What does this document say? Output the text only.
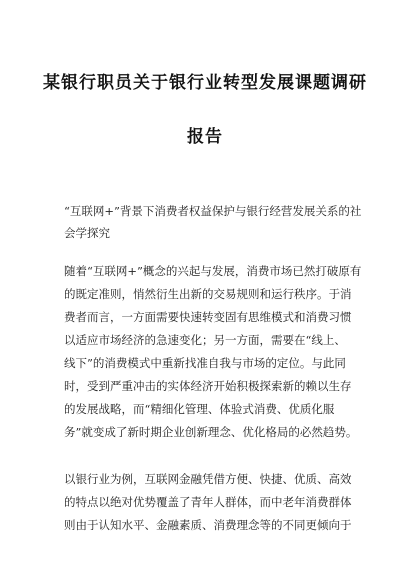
某银行职员关于银行业转型发展课题调研
报告
“互联网+”背景下消费者权益保护与银行经营发展关系的社
会学探究
随着“互联网+”概念的兴起与发展，消费市场已然打破原有
的既定准则，悄然衍生出新的交易规则和运行秩序。于消
费者而言，一方面需要快速转变固有思维模式和消费习惯
以适应市场经济的急速变化；另一方面，需要在“线上、
线下”的消费模式中重新找准自我与市场的定位。与此同
时，受到严重冲击的实体经济开始积极探索新的赖以生存
的发展战略，而“精细化管理、体验式消费、优质化服
务”就变成了新时期企业创新理念、优化格局的必然趋势。
以银行业为例，互联网金融凭借方便、快捷、优质、高效
的特点以绝对优势覆盖了青年人群体，而中老年消费群体
则由于认知水平、金融素质、消费理念等的不同更倾向于
